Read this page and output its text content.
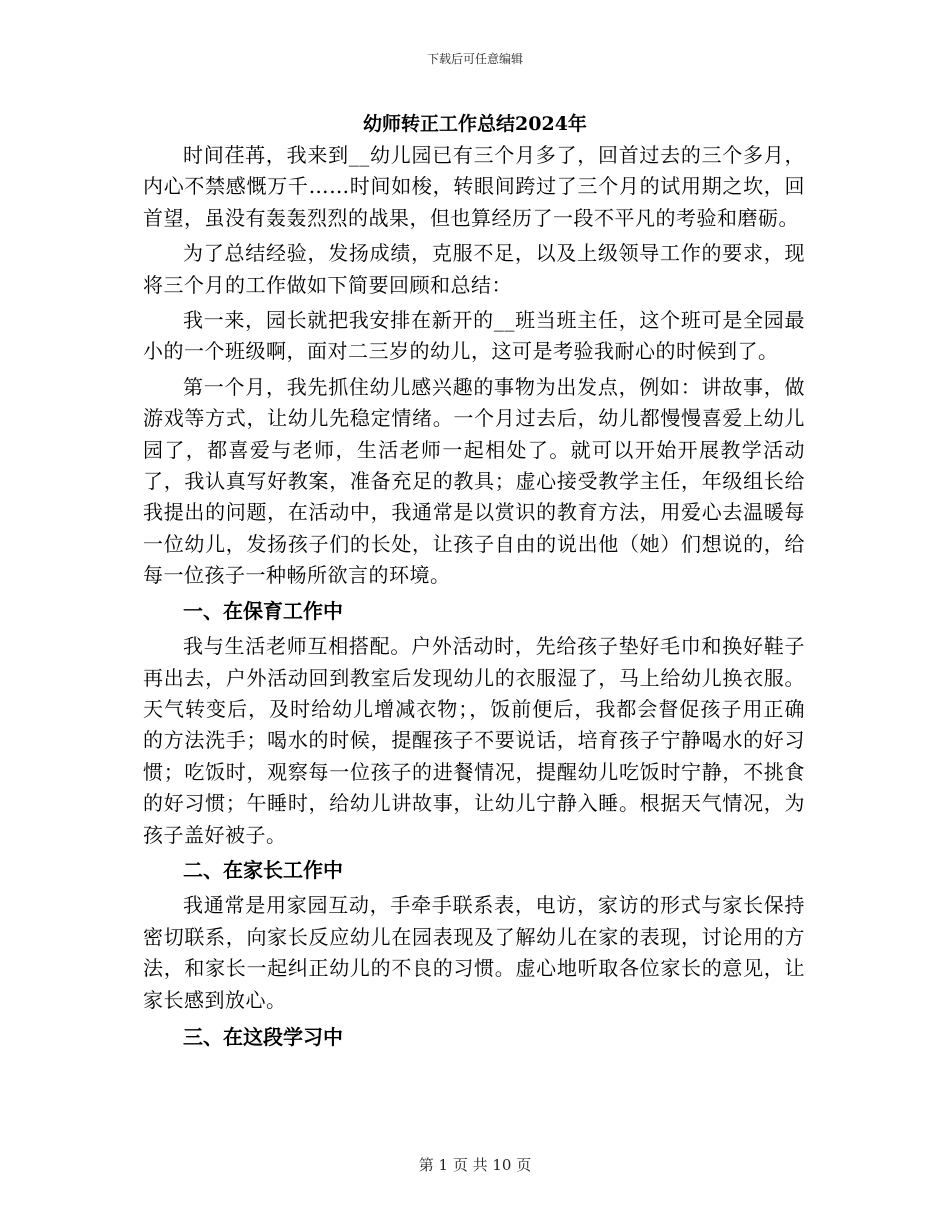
下载后可任意编辑
幼师转正工作总结2024年

时间荏苒，我来到__幼儿园已有三个月多了，回首过去的三个多月，内心不禁感慨万千……时间如梭，转眼间跨过了三个月的试用期之坎，回首望，虽没有轰轰烈烈的战果，但也算经历了一段不平凡的考验和磨砺。

为了总结经验，发扬成绩，克服不足，以及上级领导工作的要求，现将三个月的工作做如下简要回顾和总结：

我一来，园长就把我安排在新开的__班当班主任，这个班可是全园最小的一个班级啊，面对二三岁的幼儿，这可是考验我耐心的时候到了。

第一个月，我先抓住幼儿感兴趣的事物为出发点，例如：讲故事，做游戏等方式，让幼儿先稳定情绪。一个月过去后，幼儿都慢慢喜爱上幼儿园了，都喜爱与老师，生活老师一起相处了。就可以开始开展教学活动了，我认真写好教案，准备充足的教具；虚心接受教学主任，年级组长给我提出的问题，在活动中，我通常是以赏识的教育方法，用爱心去温暖每一位幼儿，发扬孩子们的长处，让孩子自由的说出他（她）们想说的，给每一位孩子一种畅所欲言的环境。

一、在保育工作中

我与生活老师互相搭配。户外活动时，先给孩子垫好毛巾和换好鞋子再出去，户外活动回到教室后发现幼儿的衣服湿了，马上给幼儿换衣服。天气转变后，及时给幼儿增减衣物；，饭前便后，我都会督促孩子用正确的方法洗手；喝水的时候，提醒孩子不要说话，培育孩子宁静喝水的好习惯；吃饭时，观察每一位孩子的进餐情况，提醒幼儿吃饭时宁静，不挑食的好习惯；午睡时，给幼儿讲故事，让幼儿宁静入睡。根据天气情况，为孩子盖好被子。

二、在家长工作中

我通常是用家园互动，手牵手联系表，电访，家访的形式与家长保持密切联系，向家长反应幼儿在园表现及了解幼儿在家的表现，讨论用的方法，和家长一起纠正幼儿的不良的习惯。虚心地听取各位家长的意见，让家长感到放心。

三、在这段学习中
第 1 页 共 10 页
